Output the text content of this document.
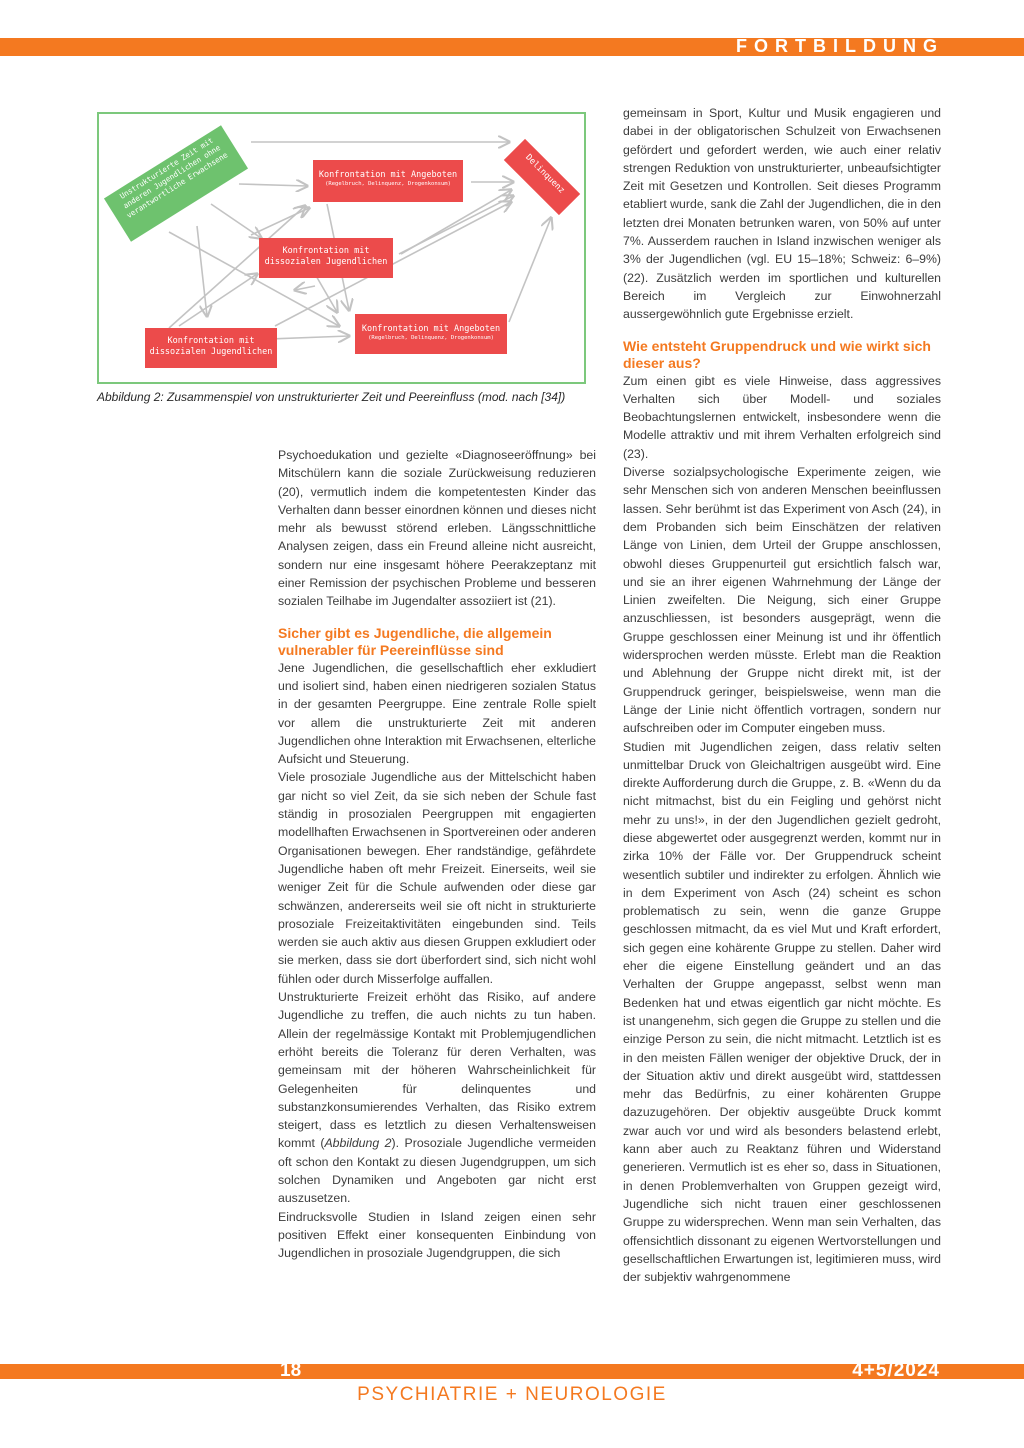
FORTBILDUNG
Unstrukturierte Zeit mit anderen Jugendlichen ohne verantwortliche Erwachsene	Delinquenz
Konfrontation mit Angeboten
(Regelbruch, Delinquenz, Drogenkonsum)
Konfrontation mit dissozialen Jugendlichen
Konfrontation mit Angeboten
(Regelbruch, Delinquenz, Drogenkonsum)
Konfrontation mit dissozialen Jugendlichen
Abbildung 2: Zusammenspiel von unstrukturierter Zeit und Peereinfluss (mod. nach [34])

Psychoedukation und gezielte «Diagnoseeröffnung» bei Mitschülern kann die soziale Zurückweisung reduzieren (20), vermutlich indem die kompetentesten Kinder das Verhalten dann besser einordnen können und dieses nicht mehr als bewusst störend erleben. Längsschnittliche Analysen zeigen, dass ein Freund alleine nicht ausreicht, sondern nur eine insgesamt höhere Peerakzeptanz mit einer Remission der psychischen Probleme und besseren sozialen Teilhabe im Jugendalter assoziiert ist (21).

Sicher gibt es Jugendliche, die allgemein vulnerabler für Peereinflüsse sind

Jene Jugendlichen, die gesellschaftlich eher exkludiert und isoliert sind, haben einen niedrigeren sozialen Status in der gesamten Peergruppe. Eine zentrale Rolle spielt vor allem die unstrukturierte Zeit mit anderen Jugendlichen ohne Interaktion mit Erwachsenen, elterliche Aufsicht und Steuerung.

Viele prosoziale Jugendliche aus der Mittelschicht haben gar nicht so viel Zeit, da sie sich neben der Schule fast ständig in prosozialen Peergruppen mit engagierten modellhaften Erwachsenen in Sportvereinen oder anderen Organisationen bewegen. Eher randständige, gefährdete Jugendliche haben oft mehr Freizeit. Einerseits, weil sie weniger Zeit für die Schule aufwenden oder diese gar schwänzen, andererseits weil sie oft nicht in strukturierte prosoziale Freizeitaktivitäten eingebunden sind. Teils werden sie auch aktiv aus diesen Gruppen exkludiert oder sie merken, dass sie dort überfordert sind, sich nicht wohl fühlen oder durch Misserfolge auffallen.

Unstrukturierte Freizeit erhöht das Risiko, auf andere Jugendliche zu treffen, die auch nichts zu tun haben. Allein der regelmässige Kontakt mit Problemjugendlichen erhöht bereits die Toleranz für deren Verhalten, was gemeinsam mit der höheren Wahrscheinlichkeit für Gelegenheiten für delinquentes und substanzkonsumierendes Verhalten, das Risiko extrem steigert, dass es letztlich zu diesen Verhaltensweisen kommt (Abbildung 2). Prosoziale Jugendliche vermeiden oft schon den Kontakt zu diesen Jugendgruppen, um sich solchen Dynamiken und Angeboten gar nicht erst auszusetzen.

Eindrucksvolle Studien in Island zeigen einen sehr positiven Effekt einer konsequenten Einbindung von Jugendlichen in prosoziale Jugendgruppen, die sich

gemeinsam in Sport, Kultur und Musik engagieren und dabei in der obligatorischen Schulzeit von Erwachsenen gefördert und gefordert werden, wie auch einer relativ strengen Reduktion von unstrukturierter, unbeaufsichtigter Zeit mit Gesetzen und Kontrollen. Seit dieses Programm etabliert wurde, sank die Zahl der Jugendlichen, die in den letzten drei Monaten betrunken waren, von 50% auf unter 7%. Ausserdem rauchen in Island inzwischen weniger als 3% der Jugendlichen (vgl. EU 15–18%; Schweiz: 6–9%) (22). Zusätzlich werden im sportlichen und kulturellen Bereich im Vergleich zur Einwohnerzahl aussergewöhnlich gute Ergebnisse erzielt.

Wie entsteht Gruppendruck und wie wirkt sich dieser aus?

Zum einen gibt es viele Hinweise, dass aggressives Verhalten sich über Modell- und soziales Beobachtungslernen entwickelt, insbesondere wenn die Modelle attraktiv und mit ihrem Verhalten erfolgreich sind (23).

Diverse sozialpsychologische Experimente zeigen, wie sehr Menschen sich von anderen Menschen beeinflussen lassen. Sehr berühmt ist das Experiment von Asch (24), in dem Probanden sich beim Einschätzen der relativen Länge von Linien, dem Urteil der Gruppe anschlossen, obwohl dieses Gruppenurteil gut ersichtlich falsch war, und sie an ihrer eigenen Wahrnehmung der Länge der Linien zweifelten. Die Neigung, sich einer Gruppe anzuschliessen, ist besonders ausgeprägt, wenn die Gruppe geschlossen einer Meinung ist und ihr öffentlich widersprochen werden müsste. Erlebt man die Reaktion und Ablehnung der Gruppe nicht direkt mit, ist der Gruppendruck geringer, beispielsweise, wenn man die Länge der Linie nicht öffentlich vortragen, sondern nur aufschreiben oder im Computer eingeben muss.

Studien mit Jugendlichen zeigen, dass relativ selten unmittelbar Druck von Gleichaltrigen ausgeübt wird. Eine direkte Aufforderung durch die Gruppe, z. B. «Wenn du da nicht mitmachst, bist du ein Feigling und gehörst nicht mehr zu uns!», in der den Jugendlichen gezielt gedroht, diese abgewertet oder ausgegrenzt werden, kommt nur in zirka 10% der Fälle vor. Der Gruppendruck scheint wesentlich subtiler und indirekter zu erfolgen. Ähnlich wie in dem Experiment von Asch (24) scheint es schon problematisch zu sein, wenn die ganze Gruppe geschlossen mitmacht, da es viel Mut und Kraft erfordert, sich gegen eine kohärente Gruppe zu stellen. Daher wird eher die eigene Einstellung geändert und an das Verhalten der Gruppe angepasst, selbst wenn man Bedenken hat und etwas eigentlich gar nicht möchte. Es ist unangenehm, sich gegen die Gruppe zu stellen und die einzige Person zu sein, die nicht mitmacht. Letztlich ist es in den meisten Fällen weniger der objektive Druck, der in der Situation aktiv und direkt ausgeübt wird, stattdessen mehr das Bedürfnis, zu einer kohärenten Gruppe dazuzugehören. Der objektiv ausgeübte Druck kommt zwar auch vor und wird als besonders belastend erlebt, kann aber auch zu Reaktanz führen und Widerstand generieren. Vermutlich ist es eher so, dass in Situationen, in denen Problemverhalten von Gruppen gezeigt wird, Jugendliche sich nicht trauen einer geschlossenen Gruppe zu widersprechen. Wenn man sein Verhalten, das offensichtlich dissonant zu eigenen Wertvorstellungen und gesellschaftlichen Erwartungen ist, legitimieren muss, wird der subjektiv wahrgenommene

18	4+5/2024
PSYCHIATRIE + NEUROLOGIE
